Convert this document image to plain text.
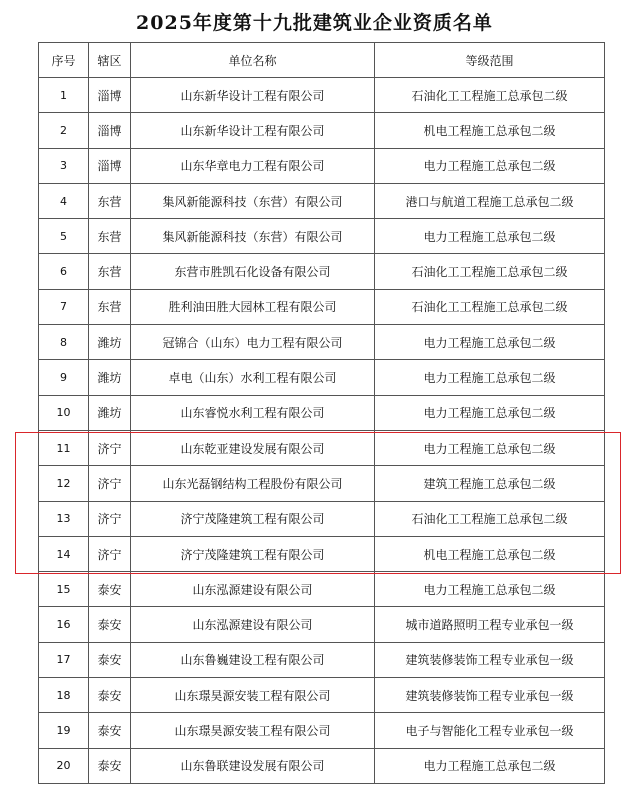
2025年度第十九批建筑业企业资质名单
序号	辖区	单位名称	等级范围
1	淄博	山东新华设计工程有限公司	石油化工工程施工总承包二级
2	淄博	山东新华设计工程有限公司	机电工程施工总承包二级
3	淄博	山东华章电力工程有限公司	电力工程施工总承包二级
4	东营	集风新能源科技（东营）有限公司	港口与航道工程施工总承包二级
5	东营	集风新能源科技（东营）有限公司	电力工程施工总承包二级
6	东营	东营市胜凯石化设备有限公司	石油化工工程施工总承包二级
7	东营	胜利油田胜大园林工程有限公司	石油化工工程施工总承包二级
8	潍坊	冠锦合（山东）电力工程有限公司	电力工程施工总承包二级
9	潍坊	卓电（山东）水利工程有限公司	电力工程施工总承包二级
10	潍坊	山东睿悦水利工程有限公司	电力工程施工总承包二级
11	济宁	山东乾亚建设发展有限公司	电力工程施工总承包二级
12	济宁	山东光磊钢结构工程股份有限公司	建筑工程施工总承包二级
13	济宁	济宁茂隆建筑工程有限公司	石油化工工程施工总承包二级
14	济宁	济宁茂隆建筑工程有限公司	机电工程施工总承包二级
15	泰安	山东泓源建设有限公司	电力工程施工总承包二级
16	泰安	山东泓源建设有限公司	城市道路照明工程专业承包一级
17	泰安	山东鲁巍建设工程有限公司	建筑装修装饰工程专业承包一级
18	泰安	山东璟昊源安装工程有限公司	建筑装修装饰工程专业承包一级
19	泰安	山东璟昊源安装工程有限公司	电子与智能化工程专业承包一级
20	泰安	山东鲁联建设发展有限公司	电力工程施工总承包二级
